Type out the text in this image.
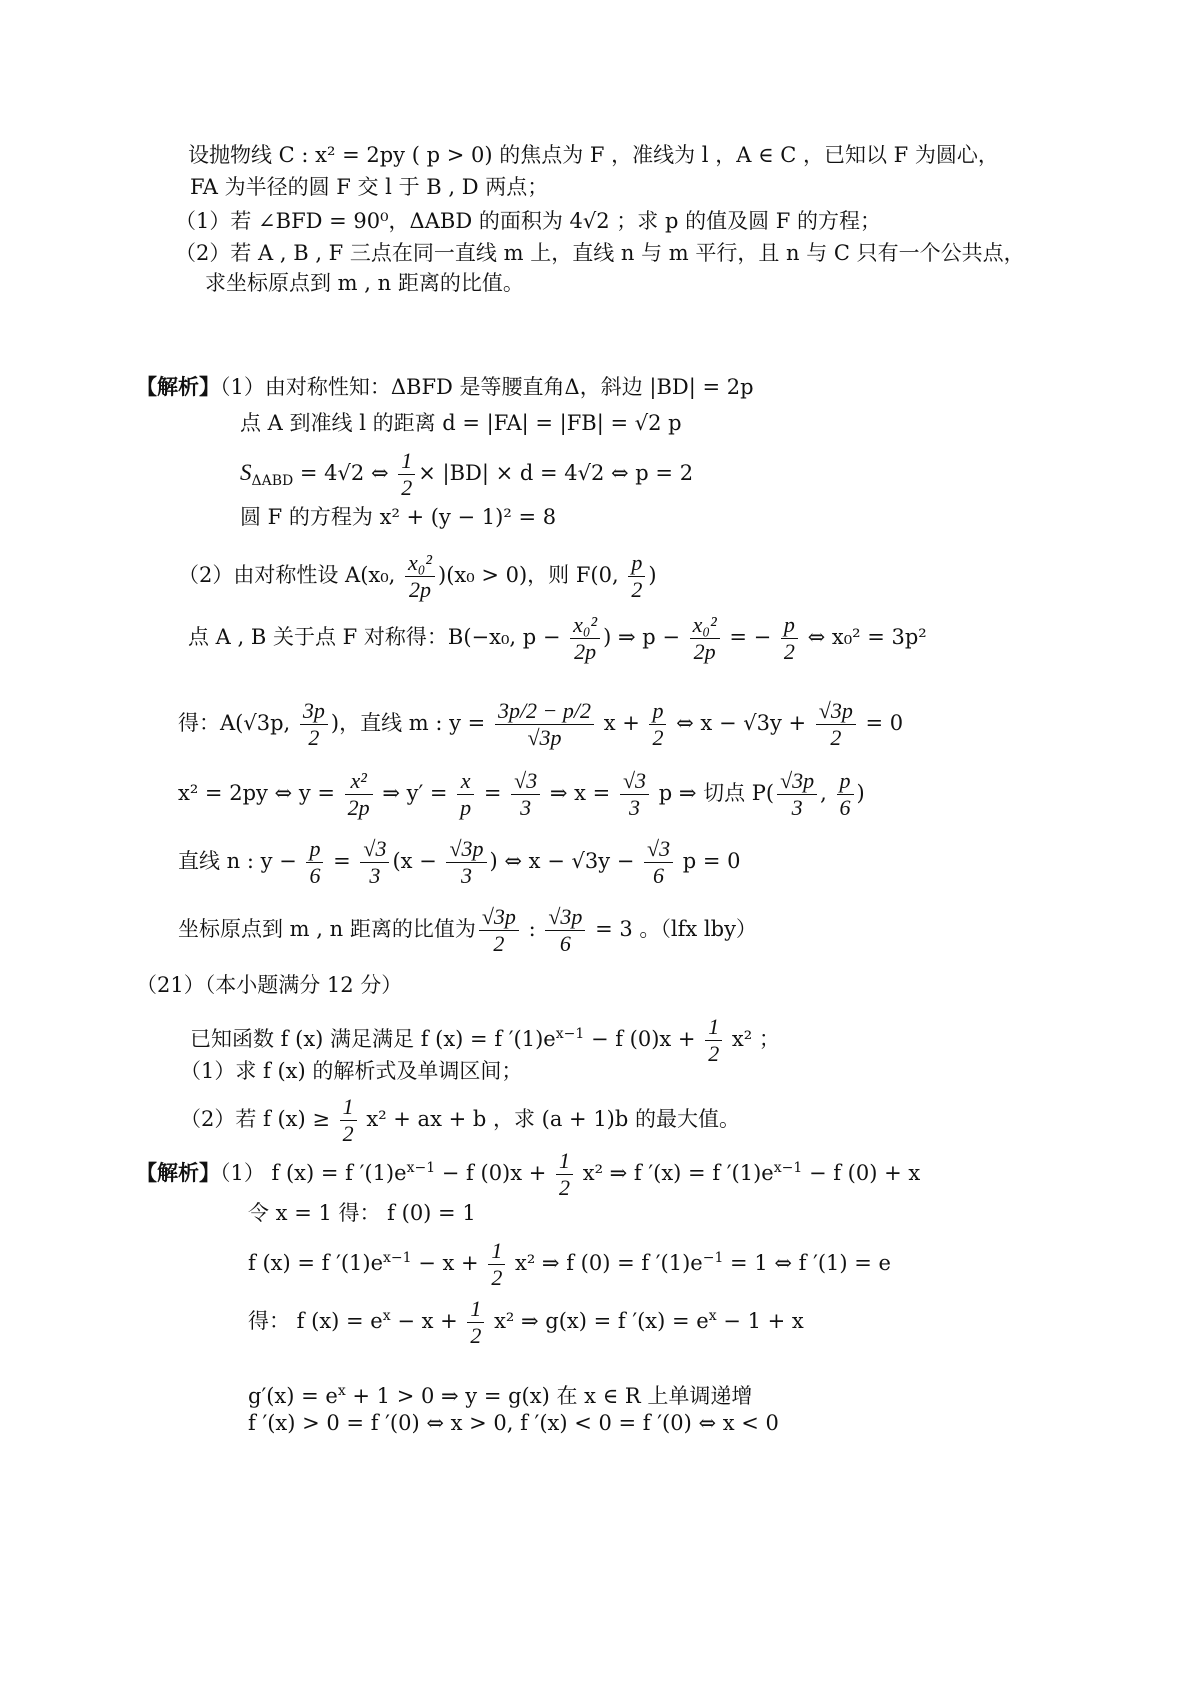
设抛物线 C : x² = 2py ( p > 0) 的焦点为 F ，准线为 l ，A ∈ C ，已知以 F 为圆心，
FA 为半径的圆 F 交 l 于 B , D 两点；
（1）若 ∠BFD = 90⁰，ΔABD 的面积为 4√2 ；求 p 的值及圆 F 的方程；
（2）若 A , B , F 三点在同一直线 m 上，直线 n 与 m 平行，且 n 与 C 只有一个公共点，
求坐标原点到 m , n 距离的比值。
【解析】（1）由对称性知：ΔBFD 是等腰直角Δ，斜边 |BD| = 2p
点 A 到准线 l 的距离 d = |FA| = |FB| = √2 p
$S_{\Delta ABD} = 4√2$ ⇔ $\frac{1}{2} \times |BD| \times d = 4√2$ ⇔ p = 2
圆 F 的方程为 x² + (y − 1)² = 8
（2）由对称性设 A(x₀, $\frac{\text{x₀²}}{2p} )(x_0 > 0)$，则 F(0, $\frac{p}{2}$ )
点 A , B 关于点 F 对称得：B(−x₀, $p - \frac{\text{x₀²}}{2p}$ ) ⇒ $p - \frac{\text{x₀²}}{2p}$ = − $\frac{p}{2}$ ⇔ x₀² = 3p²
得：A(√3p, $\frac{3p}{2}$ )，直线 m : $y = \frac{3p/2 - p/2}{√3p}$ $x + \frac{p}{2}$ ⇔ $x - √3y + \frac{√3p}{2} = 0$
x² = 2py ⇔ $y = \frac{\text{x²}}{2p}$ ⇒ $y' = \frac{x}{p} = \frac{√3}{3}$ ⇒ $x = \frac{√3}{3}$ p ⇒ 切点 $P( \frac{√3p}{3}$ , $\frac{p}{6}$ )
直线 n : $y - \frac{p}{6} = \frac{√3}{3} (x - \frac{√3p}{3}$ ) ⇔ $x - √3y - \frac{√3}{6}$ p = 0
坐标原点到 m , n 距离的比值为 $\frac{√3p}{2}$ : $\frac{√3p}{6} = 3$ 。（lfx lby）
（21）（本小题满分 12 分）
已知函数 f (x) 满足满足 f (x) = f $'(1)e^{x-1} - f$ $(0)x + \frac{1}{2} x^2$ ；
（1）求 f (x) 的解析式及单调区间；
（2）若 f $(x) \ge \frac{1}{2} x^2$ + ax + b ，求 (a + 1)b 的最大值。
【解析】（1） f (x) = f $'(1)e^{x-1} - f$ $(0)x + \frac{1}{2} x^2$ ⇒ f ′(x) = f $'(1)e^{x-1} - f$ (0) + x
令 x = 1 得： f (0) = 1
f (x) = f $'(1)e^{x-1} - x + \frac{1}{2} x^2$ ⇒ f (0) = f $'(1)e^{-1} = 1$ ⇔ f ′(1) = e
得： f $(x) = e^x - x + \frac{1}{2} x^2$ ⇒ g(x) = f $'(x) = e^x - 1 + x$
$g'(x) = e^x + 1 > 0$ ⇒ y = g(x) 在 x ∈ R 上单调递增
f ′(x) > 0 = f ′(0) ⇔ x > 0, f ′(x) < 0 = f ′(0) ⇔ x < 0
